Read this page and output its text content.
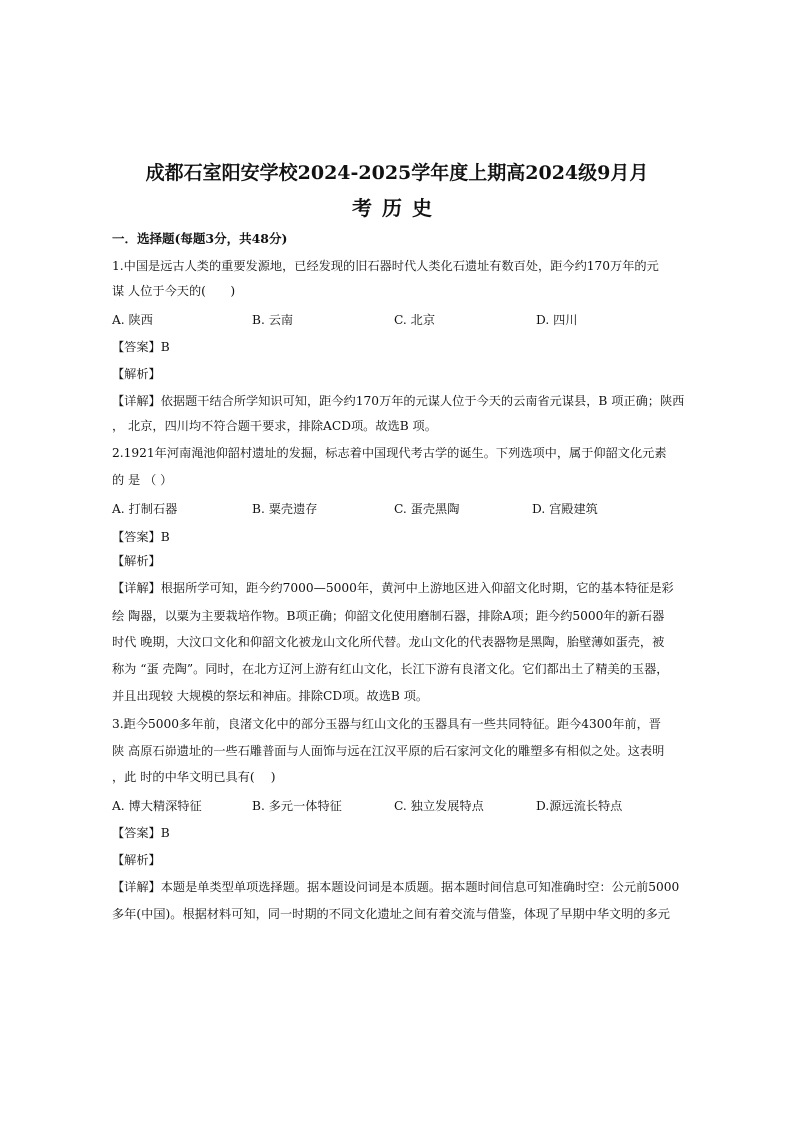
成都石室阳安学校2024-2025学年度上期高2024级9月月
考历史
一．选择题(每题3分，共48分)
1.中国是远古人类的重要发源地，已经发现的旧石器时代人类化石遗址有数百处，距今约170万年的元
谋 人位于今天的(　　)
A. 陕西	B. 云南	C. 北京	D. 四川
【答案】B
【解析】
【详解】依据题干结合所学知识可知，距今约170万年的元谋人位于今天的云南省元谋县，B 项正确；陕西
， 北京，四川均不符合题干要求，排除ACD项。故选B 项。
2.1921年河南渑池仰韶村遗址的发掘，标志着中国现代考古学的诞生。下列选项中，属于仰韶文化元素
的 是 （ ）
A. 打制石器	B. 粟壳遗存	C. 蛋壳黑陶	D. 宫殿建筑
【答案】B
【解析】
【详解】根据所学可知，距今约7000—5000年，黄河中上游地区进入仰韶文化时期，它的基本特征是彩
绘 陶器，以粟为主要栽培作物。B项正确；仰韶文化使用磨制石器，排除A项；距今约5000年的新石器
时代 晚期，大汶口文化和仰韶文化被龙山文化所代替。龙山文化的代表器物是黑陶，胎壁薄如蛋壳，被
称为 “蛋 壳陶”。同时，在北方辽河上游有红山文化，长江下游有良渚文化。它们都出土了精美的玉器，
并且出现较 大规模的祭坛和神庙。排除CD项。故选B 项。
3.距今5000多年前，良渚文化中的部分玉器与红山文化的玉器具有一些共同特征。距今4300年前，晋
陕 高原石峁遗址的一些石雕普面与人面饰与远在江汉平原的后石家河文化的雕塑多有相似之处。这表明
，此 时的中华文明已具有(　 )
A. 博大精深特征	B. 多元一体特征	C. 独立发展特点	D.源远流长特点
【答案】B
【解析】
【详解】本题是单类型单项选择题。据本题设问词是本质题。据本题时间信息可知准确时空：公元前5000
多年(中国)。根据材料可知，同一时期的不同文化遗址之间有着交流与借鉴，体现了早期中华文明的多元
